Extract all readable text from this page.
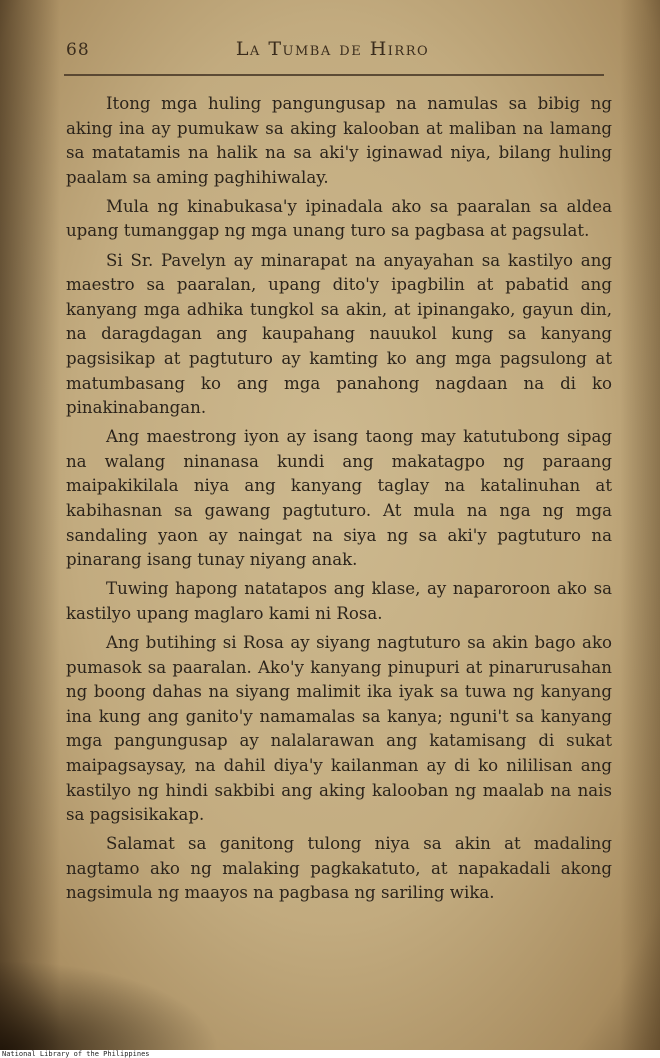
68	La Tumba de Hirro

Itong mga huling pangungusap na namulas sa bibig ng aking ina ay pumukaw sa aking kalooban at maliban na lamang sa matatamis na halik na sa aki'y iginawad niya, bilang huling paalam sa aming paghihiwalay.

Mula ng kinabukasa'y ipinadala ako sa paaralan sa aldea upang tumanggap ng mga unang turo sa pagbasa at pagsulat.

Si Sr. Pavelyn ay minarapat na anyayahan sa kastilyo ang maestro sa paaralan, upang dito'y ipagbilin at pabatid ang kanyang mga adhika tungkol sa akin, at ipinangako, gayun din, na daragdagan ang kaupahang nauukol kung sa kanyang pagsisikap at pagtuturo ay kamting ko ang mga pagsulong at matumbasang ko ang mga panahong nagdaan na di ko pinakinabangan.

Ang maestrong iyon ay isang taong may katutubong sipag na walang ninanasa kundi ang makatagpo ng paraang maipakikilala niya ang kanyang taglay na katalinuhan at kabihasnan sa gawang pagtuturo. At mula na nga ng mga sandaling yaon ay naingat na siya ng sa aki'y pagtuturo na pinarang isang tunay niyang anak.

Tuwing hapong natatapos ang klase, ay naparoroon ako sa kastilyo upang maglaro kami ni Rosa.

Ang butihing si Rosa ay siyang nagtuturo sa akin bago ako pumasok sa paaralan. Ako'y kanyang pinupuri at pinarurusahan ng boong dahas na siyang malimit ika iyak sa tuwa ng kanyang ina kung ang ganito'y namamalas sa kanya; nguni't sa kanyang mga pangungusap ay nalalarawan ang katamisang di sukat maipagsaysay, na dahil diya'y kailanman ay di ko nililisan ang kastilyo ng hindi sakbibi ang aking kalooban ng maalab na nais sa pagsisikakap.

Salamat sa ganitong tulong niya sa akin at madaling nagtamo ako ng malaking pagkakatuto, at napakadali akong nagsimula ng maayos na pagbasa ng sariling wika.

National Library of the Philippines
